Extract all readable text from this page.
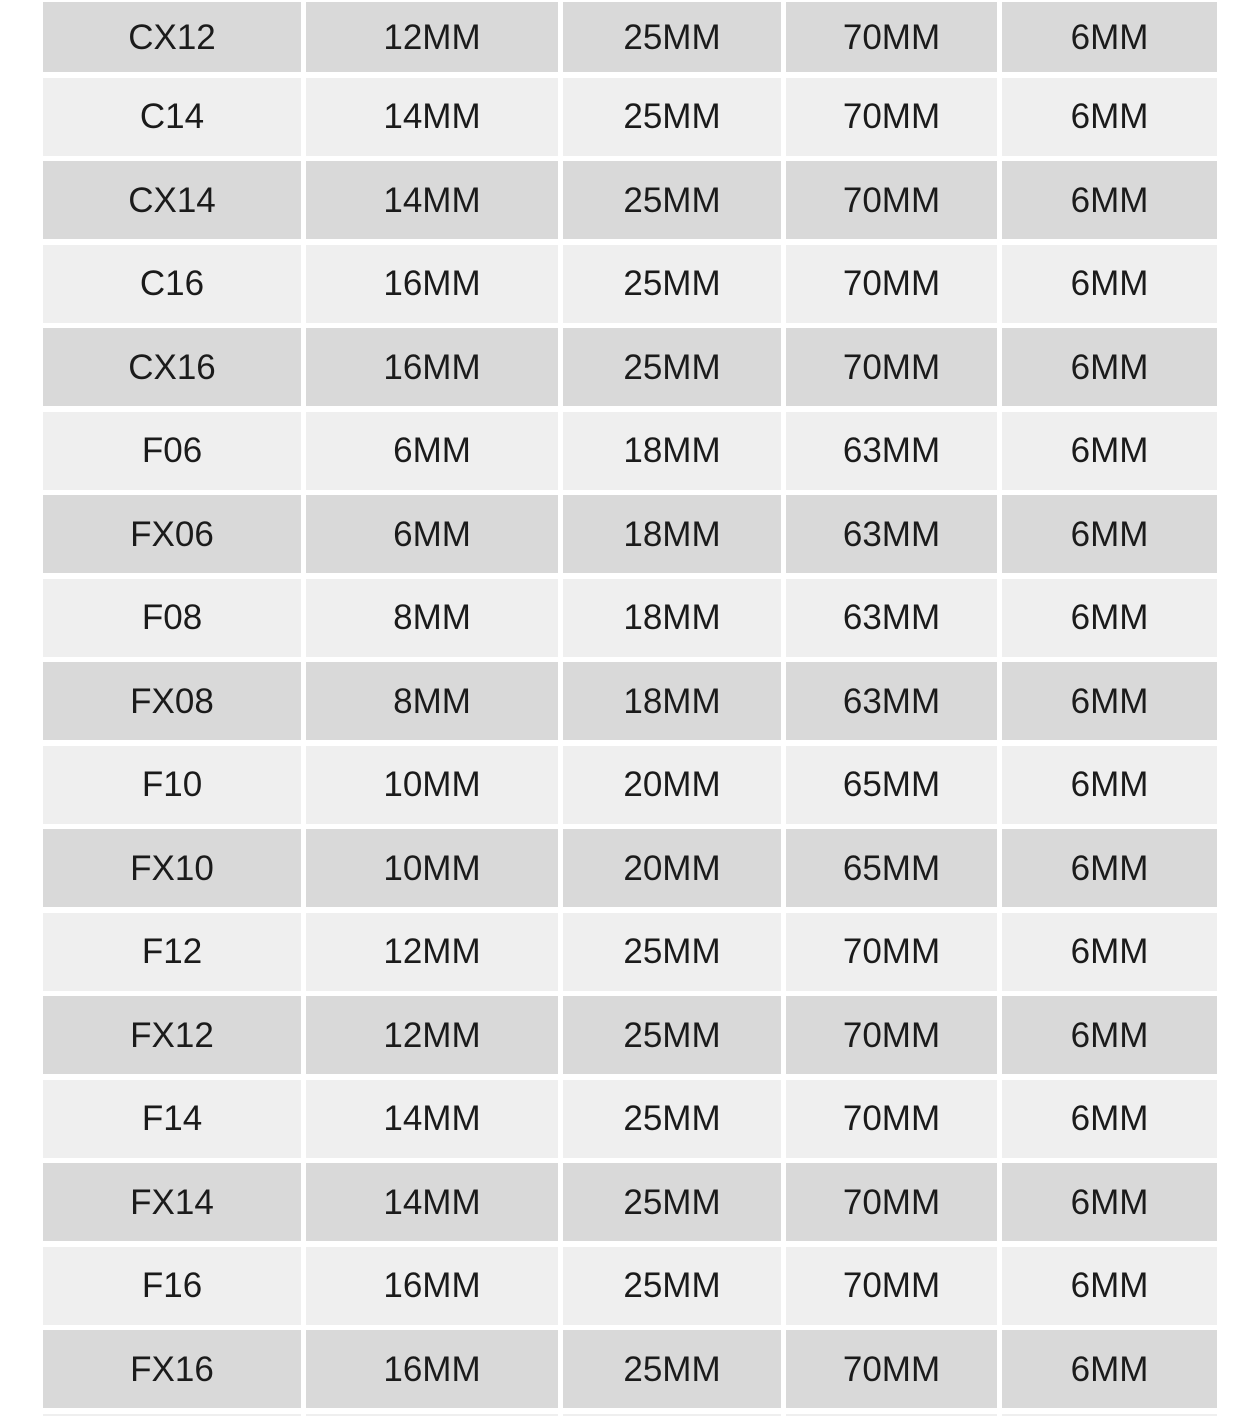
CX12	12MM	25MM	70MM	6MM
C14	14MM	25MM	70MM	6MM
CX14	14MM	25MM	70MM	6MM
C16	16MM	25MM	70MM	6MM
CX16	16MM	25MM	70MM	6MM
F06	6MM	18MM	63MM	6MM
FX06	6MM	18MM	63MM	6MM
F08	8MM	18MM	63MM	6MM
FX08	8MM	18MM	63MM	6MM
F10	10MM	20MM	65MM	6MM
FX10	10MM	20MM	65MM	6MM
F12	12MM	25MM	70MM	6MM
FX12	12MM	25MM	70MM	6MM
F14	14MM	25MM	70MM	6MM
FX14	14MM	25MM	70MM	6MM
F16	16MM	25MM	70MM	6MM
FX16	16MM	25MM	70MM	6MM
